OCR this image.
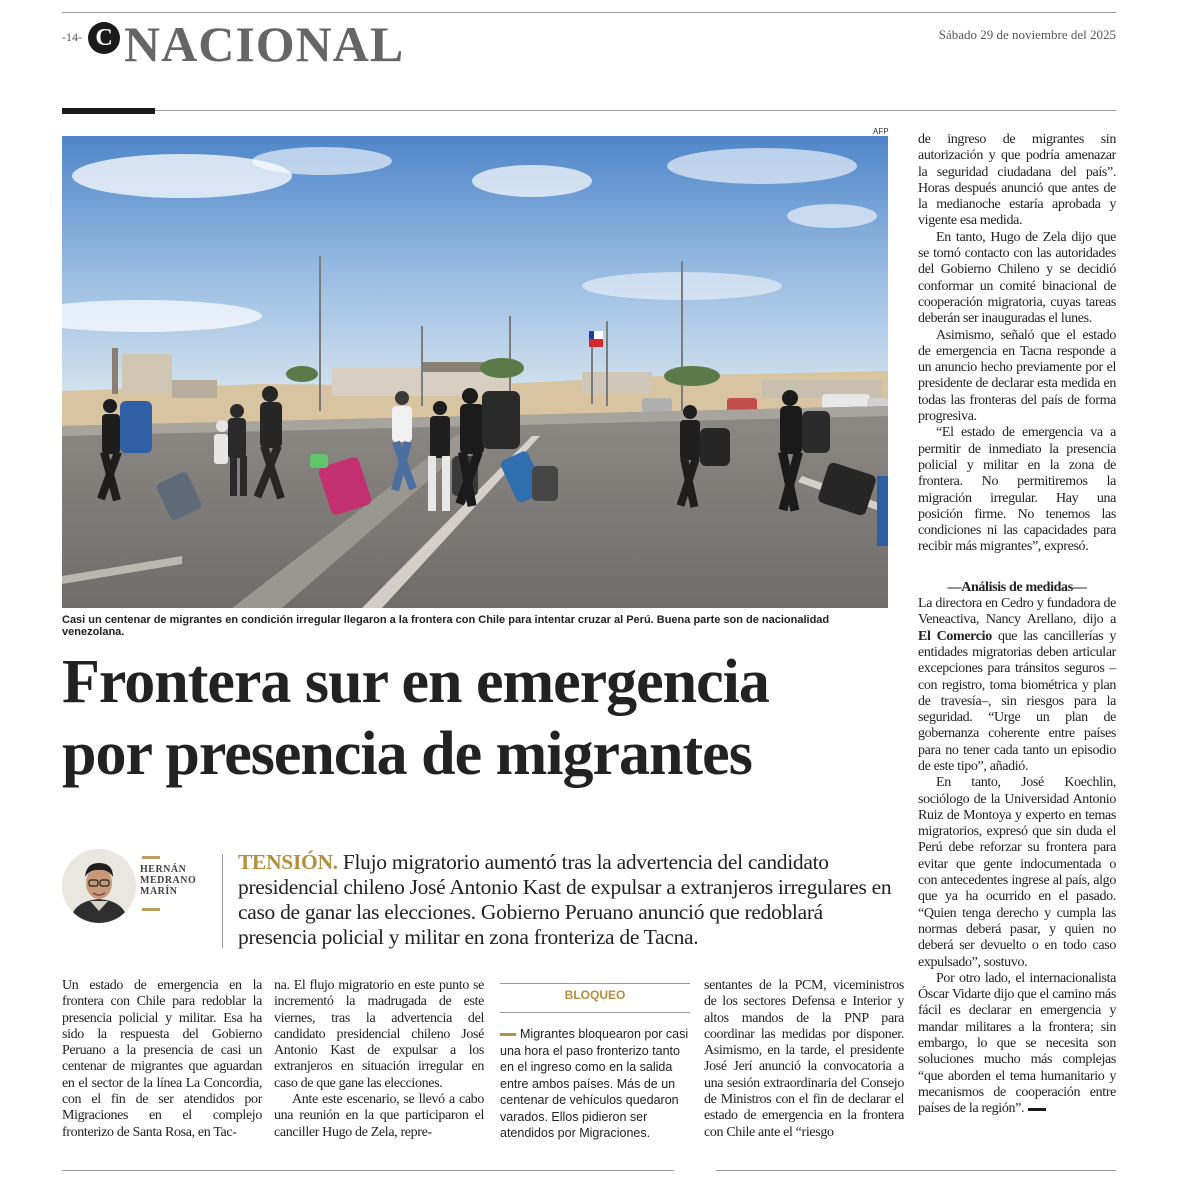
-14- C NACIONAL	Sábado 29 de noviembre del 2025
AFP
Casi un centenar de migrantes en condición irregular llegaron a la frontera con Chile para intentar cruzar al Perú. Buena parte son de nacionalidad venezolana.
Frontera sur en emergencia
por presencia de migrantes
HERNÁN
MEDRANO
MARÍN

TENSIÓN. Flujo migratorio aumentó tras la advertencia del candidato presidencial chileno José Antonio Kast de expulsar a extranjeros irregulares en caso de ganar las elecciones. Gobierno Peruano anunció que redoblará presencia policial y militar en zona fronteriza de Tacna.

Un estado de emergencia en la frontera con Chile para redoblar la presencia policial y militar. Esa ha sido la respuesta del Gobierno Peruano a la presencia de casi un centenar de migrantes que aguardan en el sector de la línea La Concordia, con el fin de ser atendidos por Migraciones en el complejo fronterizo de Santa Rosa, en Tac-

na. El flujo migratorio en este punto se incrementó la madrugada de este viernes, tras la advertencia del candidato presidencial chileno José Antonio Kast de expulsar a los extranjeros en situación irregular en caso de que gane las elecciones.

Ante este escenario, se llevó a cabo una reunión en la que participaron el canciller Hugo de Zela, repre-

BLOQUEO

Migrantes bloquearon por casi una hora el paso fronterizo tanto en el ingreso como en la salida entre ambos países. Más de un centenar de vehículos quedaron varados. Ellos pidieron ser atendidos por Migraciones.

sentantes de la PCM, viceministros de los sectores Defensa e Interior y altos mandos de la PNP para coordinar las medidas por disponer. Asimismo, en la tarde, el presidente José Jerí anunció la convocatoria a una sesión extraordinaria del Consejo de Ministros con el fin de declarar el estado de emergencia en la frontera con Chile ante el “riesgo

de ingreso de migrantes sin autorización y que podría amenazar la seguridad ciudadana del país”. Horas después anunció que antes de la medianoche estaría aprobada y vigente esa medida.

En tanto, Hugo de Zela dijo que se tomó contacto con las autoridades del Gobierno Chileno y se decidió conformar un comité binacional de cooperación migratoria, cuyas tareas deberán ser inauguradas el lunes.

Asimismo, señaló que el estado de emergencia en Tacna responde a un anuncio hecho previamente por el presidente de declarar esta medida en todas las fronteras del país de forma progresiva.

“El estado de emergencia va a permitir de inmediato la presencia policial y militar en la zona de frontera. No permitiremos la migración irregular. Hay una posición firme. No tenemos las condiciones ni las capacidades para recibir más migrantes”, expresó.

—Análisis de medidas—

La directora en Cedro y fundadora de Veneactiva, Nancy Arellano, dijo a El Comercio que las cancillerías y entidades migratorias deben articular excepciones para tránsitos seguros –con registro, toma biométrica y plan de travesía–, sin riesgos para la seguridad. “Urge un plan de gobernanza coherente entre países para no tener cada tanto un episodio de este tipo”, añadió.

En tanto, José Koechlin, sociólogo de la Universidad Antonio Ruiz de Montoya y experto en temas migratorios, expresó que sin duda el Perú debe reforzar su frontera para evitar que gente indocumentada o con antecedentes ingrese al país, algo que ya ha ocurrido en el pasado. “Quien tenga derecho y cumpla las normas deberá pasar, y quien no deberá ser devuelto o en todo caso expulsado”, sostuvo.

Por otro lado, el internacionalista Óscar Vidarte dijo que el camino más fácil es declarar en emergencia y mandar militares a la frontera; sin embargo, lo que se necesita son soluciones mucho más complejas “que aborden el tema humanitario y mecanismos de cooperación entre países de la región”.
